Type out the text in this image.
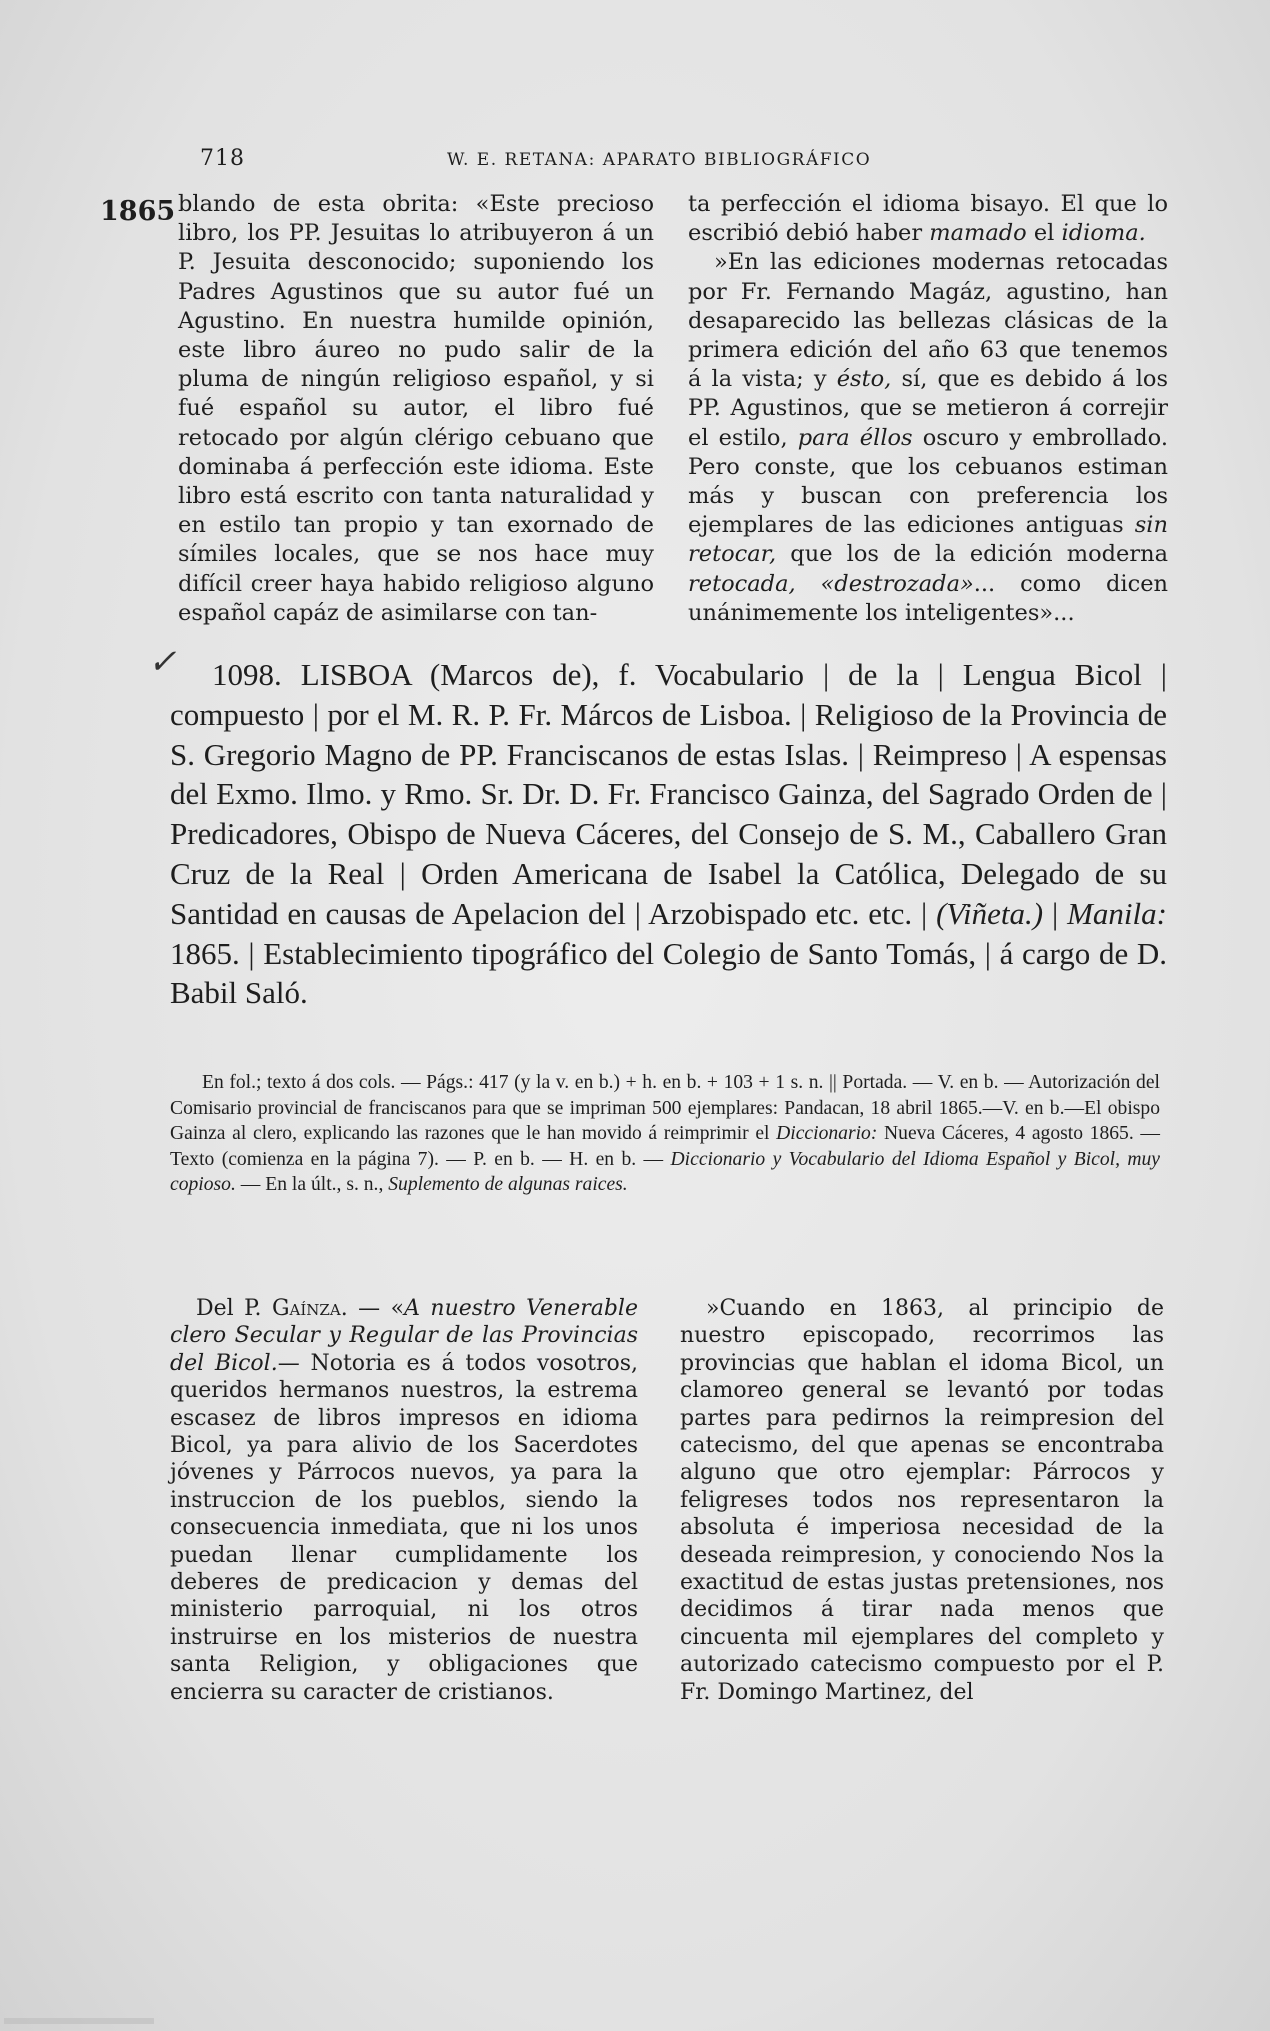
718	W. E. RETANA: APARATO BIBLIOGRÁFICO
1865 blando de esta obrita: «Este precioso libro, los PP. Jesuitas lo atribuyeron á un P. Jesuita desconocido; suponiendo los Padres Agustinos que su autor fué un Agustino. En nuestra humilde opinión, este libro áureo no pudo salir de la pluma de ningún religioso español, y si fué español su autor, el libro fué retocado por algún clérigo cebuano que dominaba á perfección este idioma. Este libro está escrito con tanta naturalidad y en estilo tan propio y tan exornado de símiles locales, que se nos hace muy difícil creer haya habido religioso alguno español capáz de asimilarse con tan-

ta perfección el idioma bisayo. El que lo escribió debió haber mamado el idioma.

»En las ediciones modernas retocadas por Fr. Fernando Magáz, agustino, han desaparecido las bellezas clásicas de la primera edición del año 63 que tenemos á la vista; y ésto, sí, que es debido á los PP. Agustinos, que se metieron á correjir el estilo, para éllos oscuro y embrollado. Pero conste, que los cebuanos estiman más y buscan con preferencia los ejemplares de las ediciones antiguas sin retocar, que los de la edición moderna retocada, «destrozada»... como dicen unánimemente los inteligentes»...

✓	1098. LISBOA (Marcos de), f. Vocabulario | de la | Lengua Bicol | compuesto | por el M. R. P. Fr. Márcos de Lisboa. | Religioso de la Provincia de S. Gregorio Magno de PP. Franciscanos de estas Islas. | Reimpreso | A espensas del Exmo. Ilmo. y Rmo. Sr. Dr. D. Fr. Francisco Gainza, del Sagrado Orden de | Predicadores, Obispo de Nueva Cáceres, del Consejo de S. M., Caballero Gran Cruz de la Real | Orden Americana de Isabel la Católica, Delegado de su Santidad en causas de Apelacion del | Arzobispado etc. etc. | (Viñeta.) | Manila: 1865. | Establecimiento tipográfico del Colegio de Santo Tomás, | á cargo de D. Babil Saló.
En fol.; texto á dos cols. — Págs.: 417 (y la v. en b.) + h. en b. + 103 + 1 s. n. || Portada. — V. en b. — Autorización del Comisario provincial de franciscanos para que se impriman 500 ejemplares: Pandacan, 18 abril 1865.—V. en b.—El obispo Gainza al clero, explicando las razones que le han movido á reimprimir el Diccionario: Nueva Cáceres, 4 agosto 1865. — Texto (comienza en la página 7). — P. en b. — H. en b. — Diccionario y Vocabulario del Idioma Español y Bicol, muy copioso. — En la últ., s. n., Suplemento de algunas raices.

Del P. Gaínza. — «A nuestro Venerable clero Secular y Regular de las Provincias del Bicol.— Notoria es á todos vosotros, queridos hermanos nuestros, la estrema escasez de libros impresos en idioma Bicol, ya para alivio de los Sacerdotes jóvenes y Párrocos nuevos, ya para la instruccion de los pueblos, siendo la consecuencia inmediata, que ni los unos puedan llenar cumplidamente los deberes de predicacion y demas del ministerio parroquial, ni los otros instruirse en los misterios de nuestra santa Religion, y obligaciones que encierra su caracter de cristianos.

»Cuando en 1863, al principio de nuestro episcopado, recorrimos las provincias que hablan el idoma Bicol, un clamoreo general se levantó por todas partes para pedirnos la reimpresion del catecismo, del que apenas se encontraba alguno que otro ejemplar: Párrocos y feligreses todos nos representaron la absoluta é imperiosa necesidad de la deseada reimpresion, y conociendo Nos la exactitud de estas justas pretensiones, nos decidimos á tirar nada menos que cincuenta mil ejemplares del completo y autorizado catecismo compuesto por el P. Fr. Domingo Martinez, del
